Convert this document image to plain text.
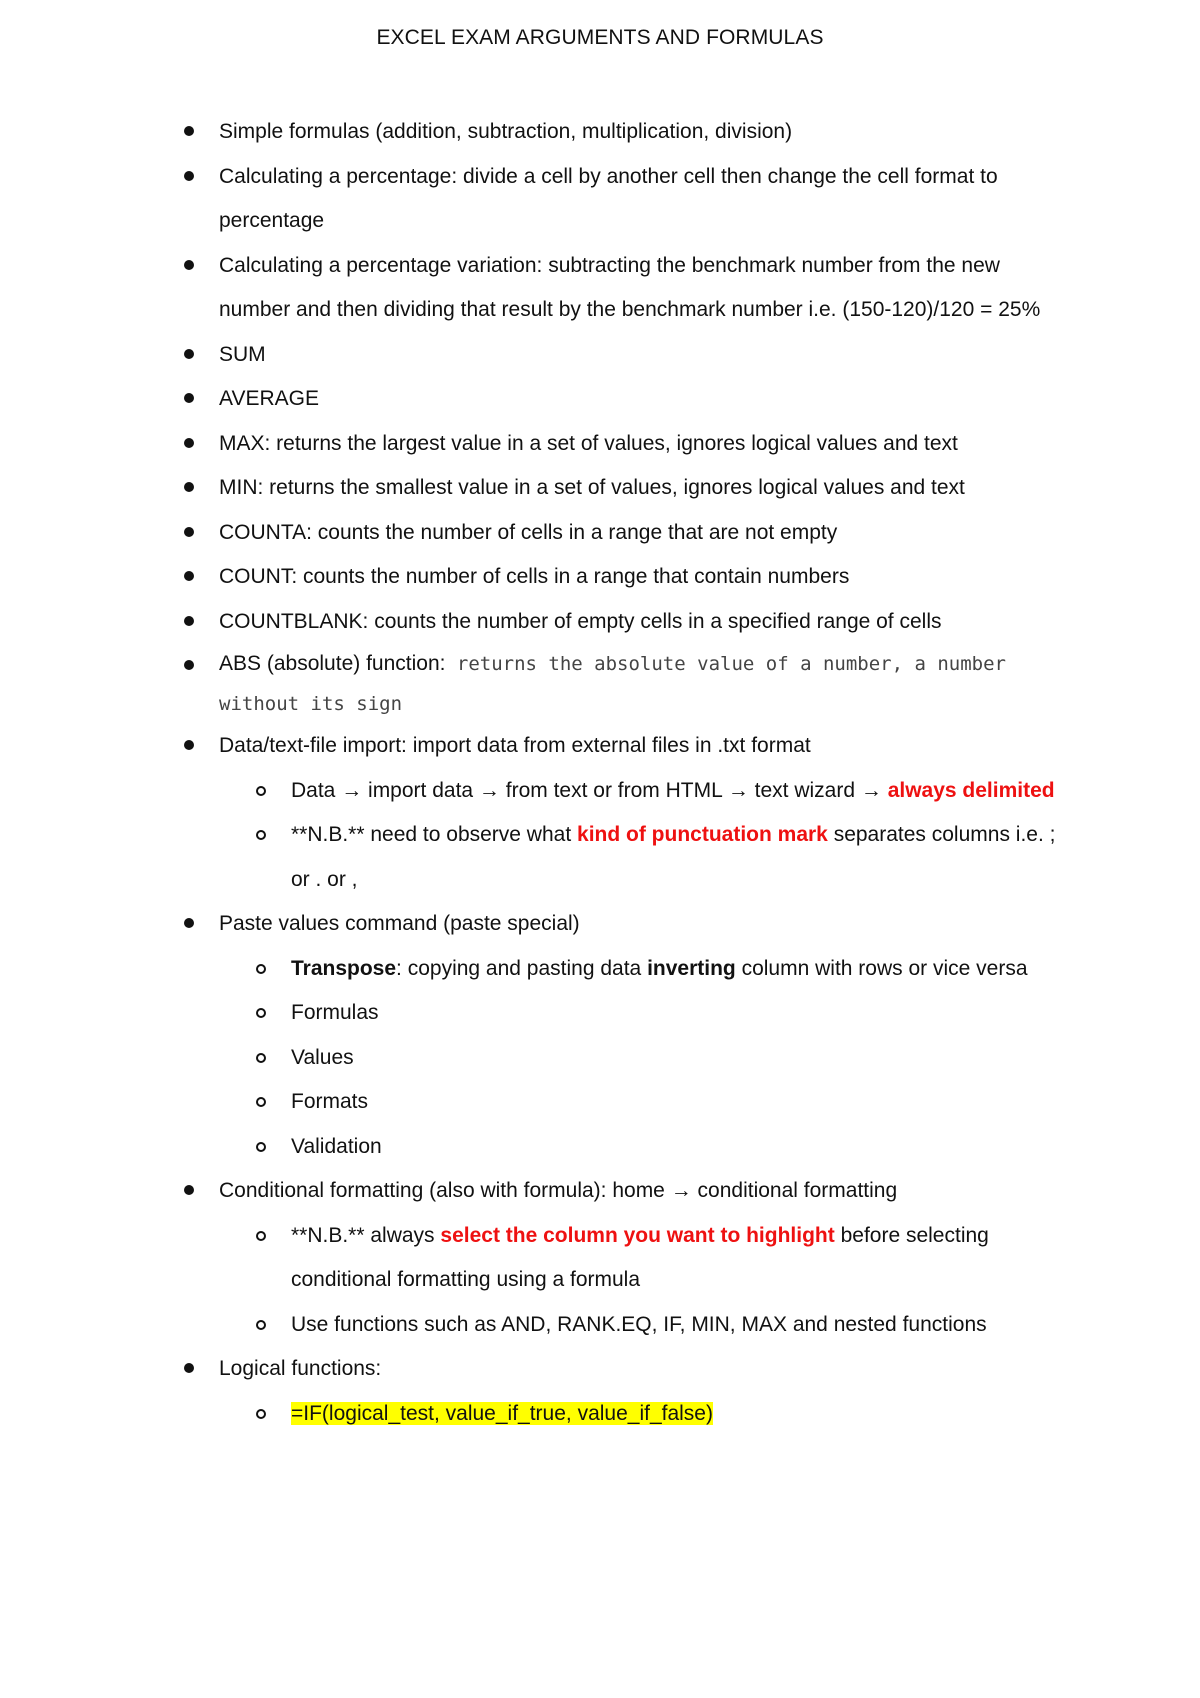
EXCEL EXAM ARGUMENTS AND FORMULAS
Simple formulas (addition, subtraction, multiplication, division)
Calculating a percentage: divide a cell by another cell then change the cell format to percentage
Calculating a percentage variation: subtracting the benchmark number from the new number and then dividing that result by the benchmark number i.e. (150-120)/120 = 25%
SUM
AVERAGE
MAX: returns the largest value in a set of values, ignores logical values and text
MIN: returns the smallest value in a set of values, ignores logical values and text
COUNTA: counts the number of cells in a range that are not empty
COUNT: counts the number of cells in a range that contain numbers
COUNTBLANK: counts the number of empty cells in a specified range of cells
ABS (absolute) function: returns the absolute value of a number, a number without its sign
Data/text-file import: import data from external files in .txt format
Data → import data → from text or from HTML → text wizard → always delimited
**N.B.** need to observe what kind of punctuation mark separates columns i.e. ; or . or ,
Paste values command (paste special)
Transpose: copying and pasting data inverting column with rows or vice versa
Formulas
Values
Formats
Validation
Conditional formatting (also with formula): home → conditional formatting
**N.B.** always select the column you want to highlight before selecting conditional formatting using a formula
Use functions such as AND, RANK.EQ, IF, MIN, MAX and nested functions
Logical functions:
=IF(logical_test, value_if_true, value_if_false)
